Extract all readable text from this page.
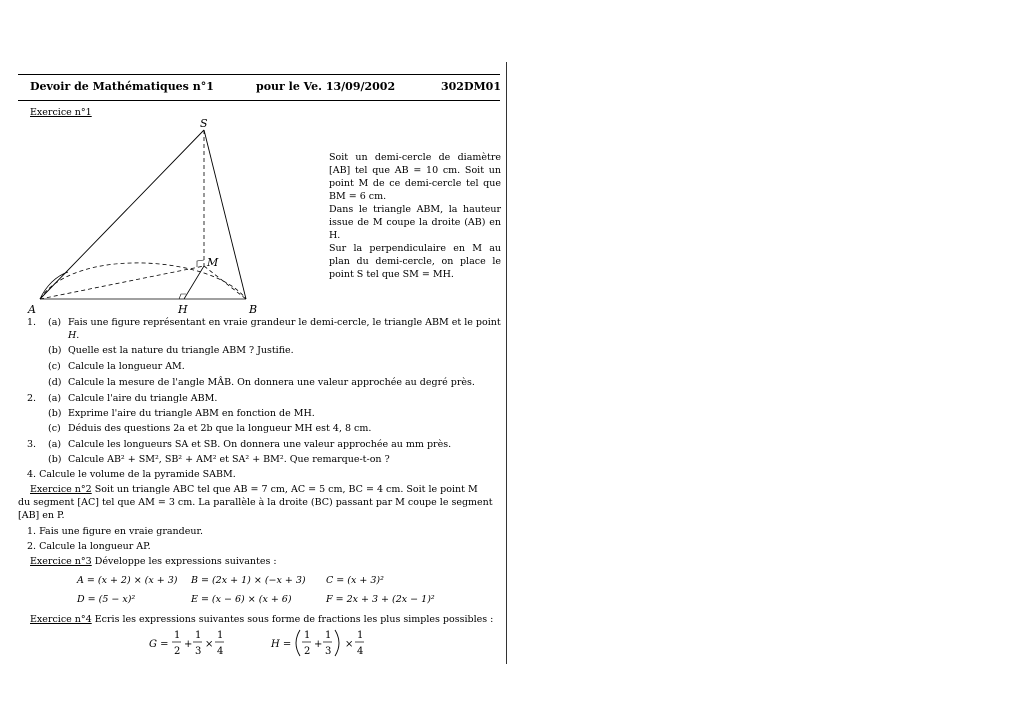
Devoir de Mathématiques n°1	pour le Ve. 13/09/2002	302DM01
Exercice n°1
S
M
A	H	B
Soit un demi-cercle de diamètre [AB] tel que AB = 10 cm. Soit un point M de ce demi-cercle tel que BM = 6 cm.
Dans le triangle ABM, la hauteur issue de M coupe la droite (AB) en H.
Sur la perpendiculaire en M au plan du demi-cercle, on place le point S tel que SM = MH.
1. (a) Fais une figure représentant en vraie grandeur le demi-cercle, le triangle ABM et le point
H.
(b) Quelle est la nature du triangle ABM ? Justifie.
(c) Calcule la longueur AM.
(d) Calcule la mesure de l'angle MÂB. On donnera une valeur approchée au degré près.
2. (a) Calcule l'aire du triangle ABM.
(b) Exprime l'aire du triangle ABM en fonction de MH.
(c) Déduis des questions 2a et 2b que la longueur MH est 4, 8 cm.
3. (a) Calcule les longueurs SA et SB. On donnera une valeur approchée au mm près.
(b) Calcule AB² + SM², SB² + AM² et SA² + BM². Que remarque-t-on ?
4. Calcule le volume de la pyramide SABM.
Exercice n°2 Soit un triangle ABC tel que AB = 7 cm, AC = 5 cm, BC = 4 cm. Soit le point M
du segment [AC] tel que AM = 3 cm. La parallèle à la droite (BC) passant par M coupe le segment
[AB] en P.
1. Fais une figure en vraie grandeur.
2. Calcule la longueur AP.
Exercice n°3 Développe les expressions suivantes :
A = (x + 2) × (x + 3) B = (2x + 1) × (−x + 3) C = (x + 3)²
D = (5 − x)²	E = (x − 6) × (x + 6)	F = 2x + 3 + (2x − 1)²
Exercice n°4 Ecris les expressions suivantes sous forme de fractions les plus simples possibles :
G =
1
2
+
1
3
×
1
4
H =
1
2
+
1
3
×
1
4
